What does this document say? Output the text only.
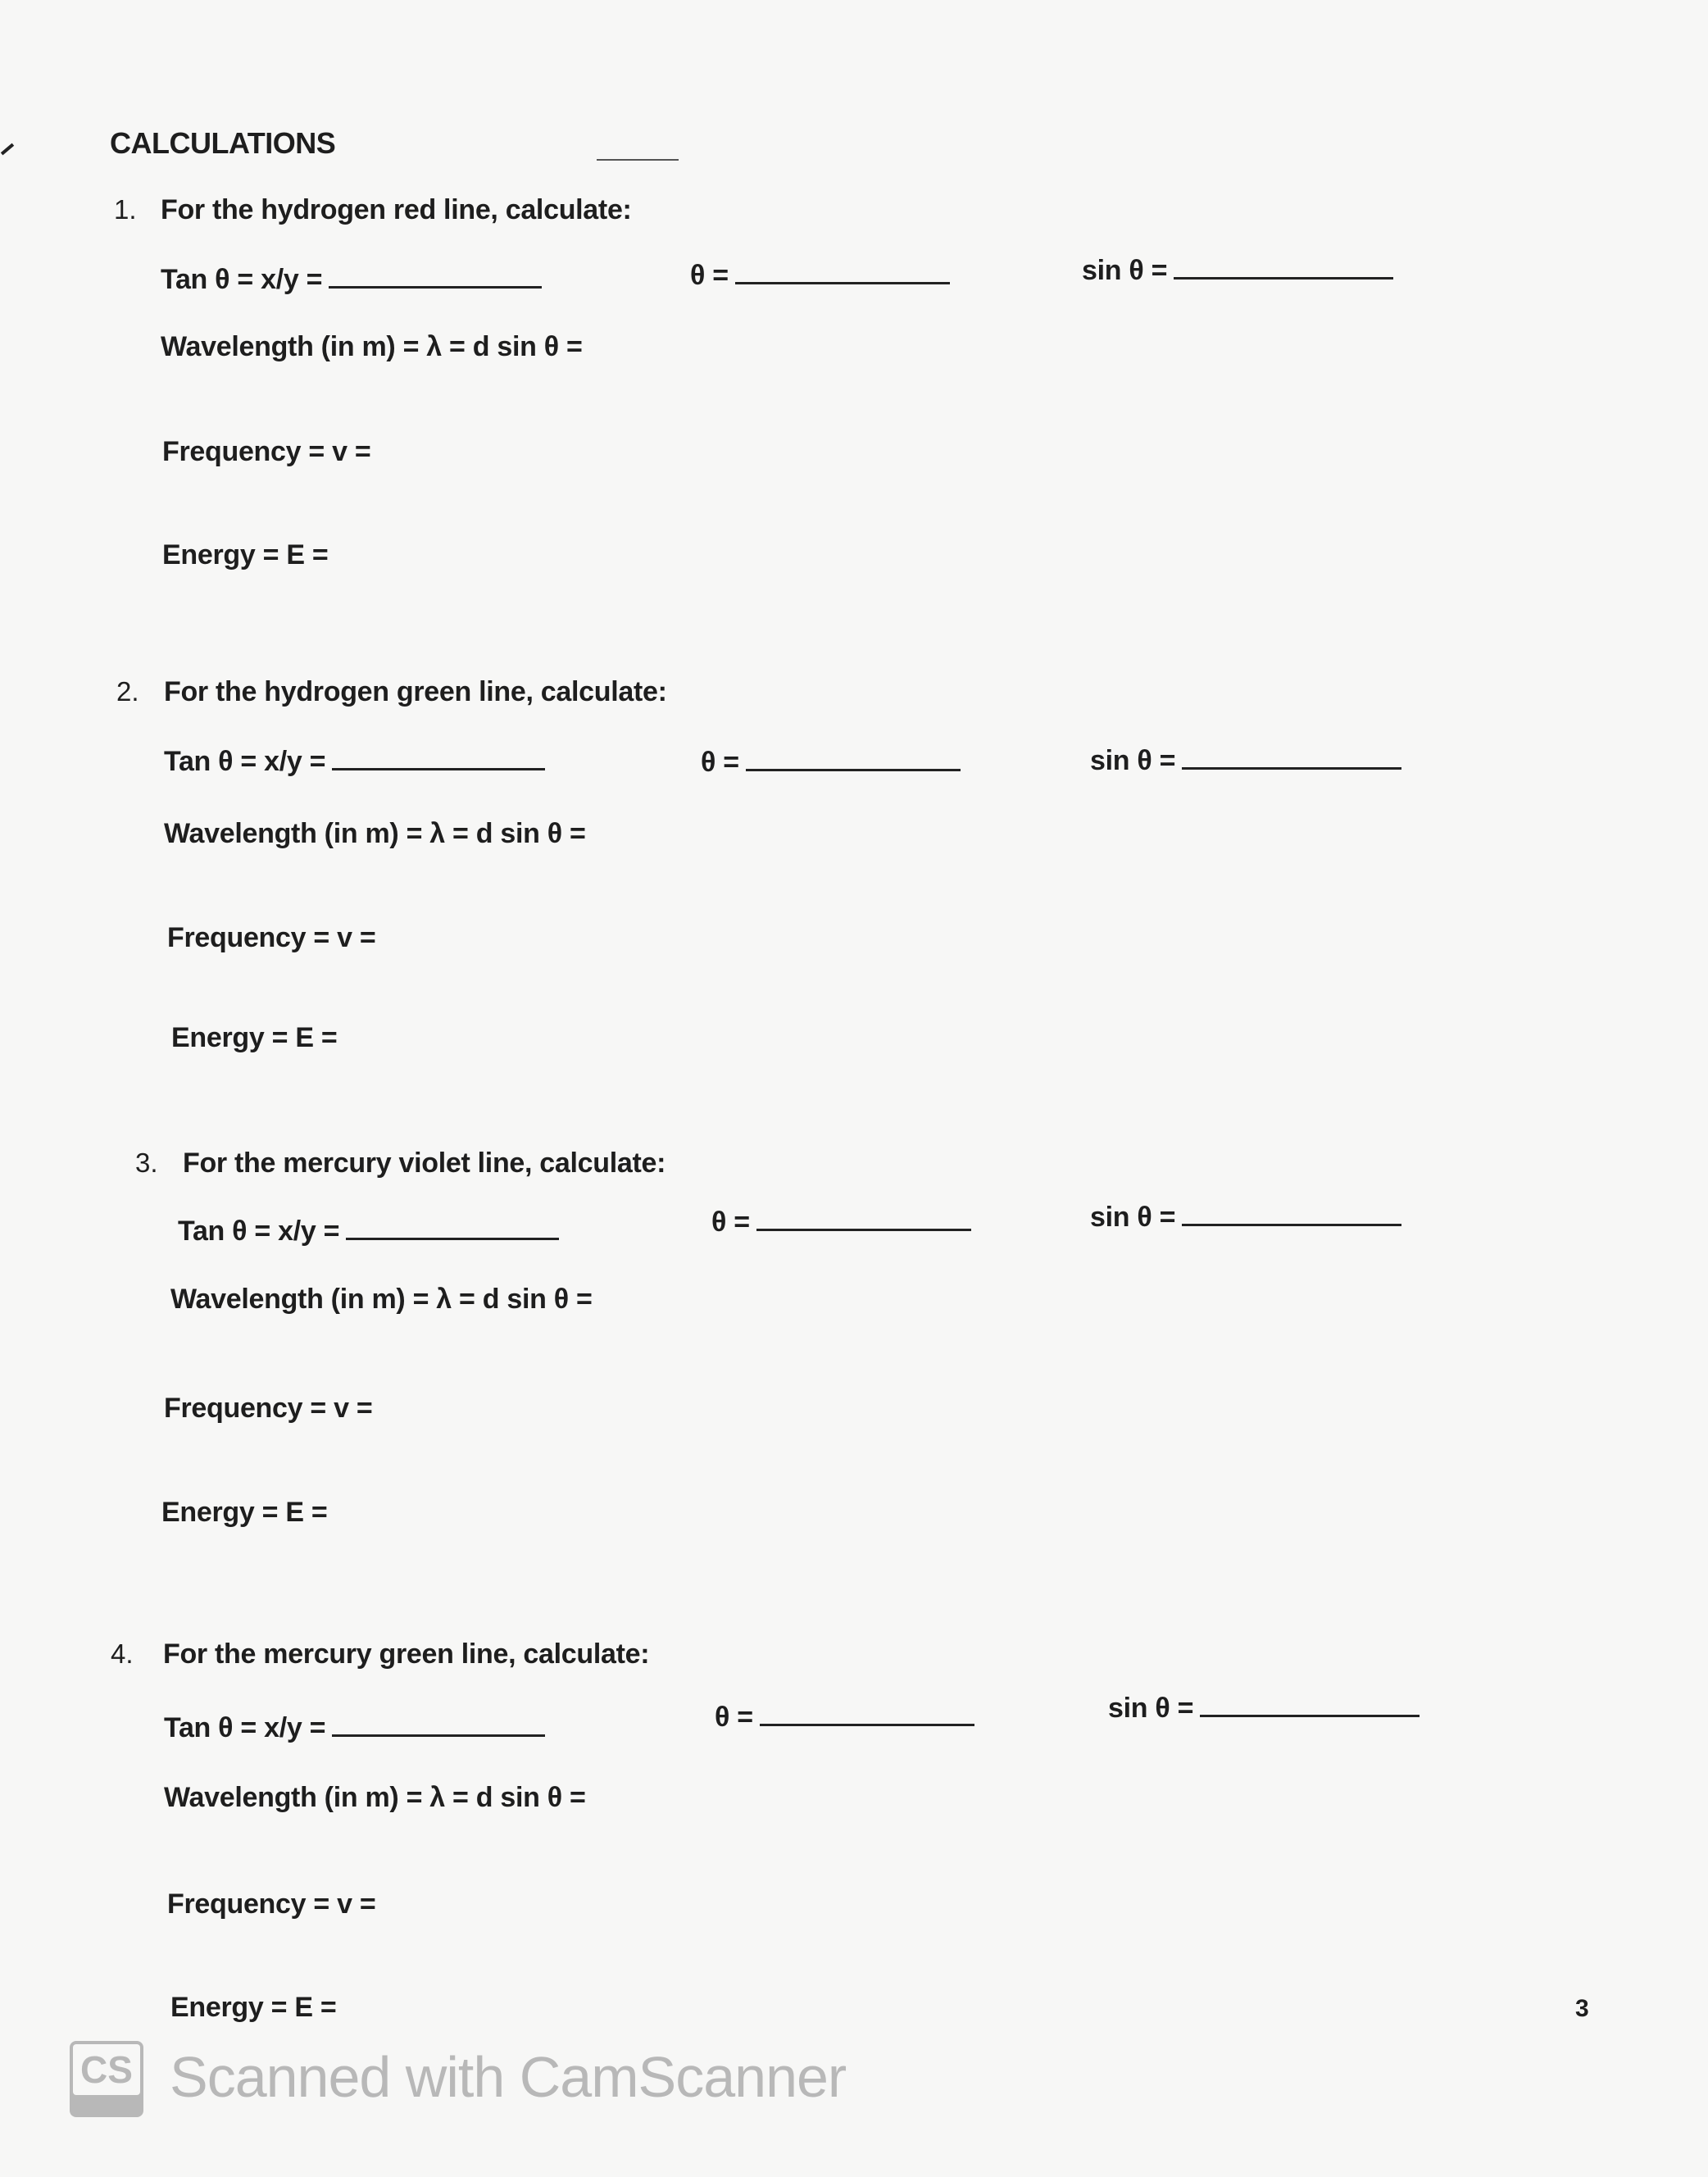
CALCULATIONS
1. For the hydrogen red line, calculate:
Tan θ = x/y =	θ =	sin θ =
Wavelength (in m) = λ = d sin θ =
Frequency = v =
Energy = E =
2. For the hydrogen green line, calculate:
Tan θ = x/y =	θ =	sin θ =
Wavelength (in m) = λ = d sin θ =
Frequency = v =
Energy = E =
3. For the mercury violet line, calculate:
Tan θ = x/y =	θ =	sin θ =
Wavelength (in m) = λ = d sin θ =
Frequency = v =
Energy = E =
4. For the mercury green line, calculate:
Tan θ = x/y =	θ =	sin θ =
Wavelength (in m) = λ = d sin θ =
Frequency = v =
Energy = E =	3
CS Scanned with CamScanner
